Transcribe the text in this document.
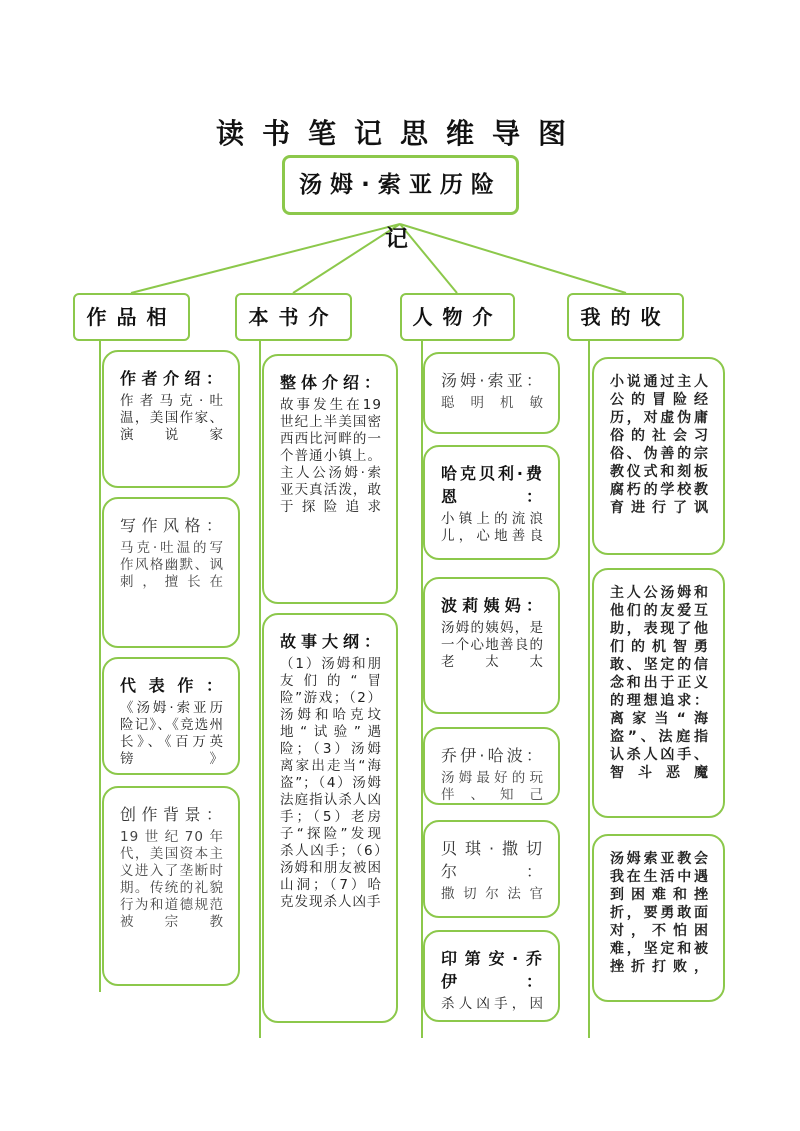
读书笔记思维导图
汤姆·索亚历险记
作品相	本书介	人物介	我的收
作者介绍：
作者马克·吐温，美国作家、演说家
写作风格：
马克·吐温的写作风格幽默、讽刺，擅长在
代表作：
《汤姆·索亚历险记》、《竞选州长》、《百万英镑》
创作背景：
19世纪70年代，美国资本主义进入了垄断时期。传统的礼貌行为和道德规范被宗教
整体介绍：
故事发生在19世纪上半美国密西西比河畔的一个普通小镇上。主人公汤姆·索亚天真活泼，敢于探险追求
故事大纲：
（1）汤姆和朋友们的“冒险”游戏；（2）汤姆和哈克坟地“试验”遇险；（3）汤姆离家出走当“海盗”；（4）汤姆法庭指认杀人凶手；（5）老房子“探险”发现杀人凶手；（6）汤姆和朋友被困山洞；（7）哈克发现杀人凶手
汤姆·索亚：
聪明机敏
哈克贝利·费恩：
小镇上的流浪儿，心地善良
波莉姨妈：
汤姆的姨妈，是一个心地善良的老太太
乔伊·哈波：
汤姆最好的玩伴、知己
贝琪·撒切尔：
撒切尔法官
印第安·乔伊：
杀人凶手，因
小说通过主人公的冒险经历，对虚伪庸俗的社会习俗、伪善的宗教仪式和刻板腐朽的学校教育进行了讽
主人公汤姆和他们的友爱互助，表现了他们的机智勇敢、坚定的信念和出于正义的理想追求：离家当“海盗”、法庭指认杀人凶手、智斗恶魔
汤姆索亚教会我在生活中遇到困难和挫折，要勇敢面对，不怕困难，坚定和被挫折打败，
